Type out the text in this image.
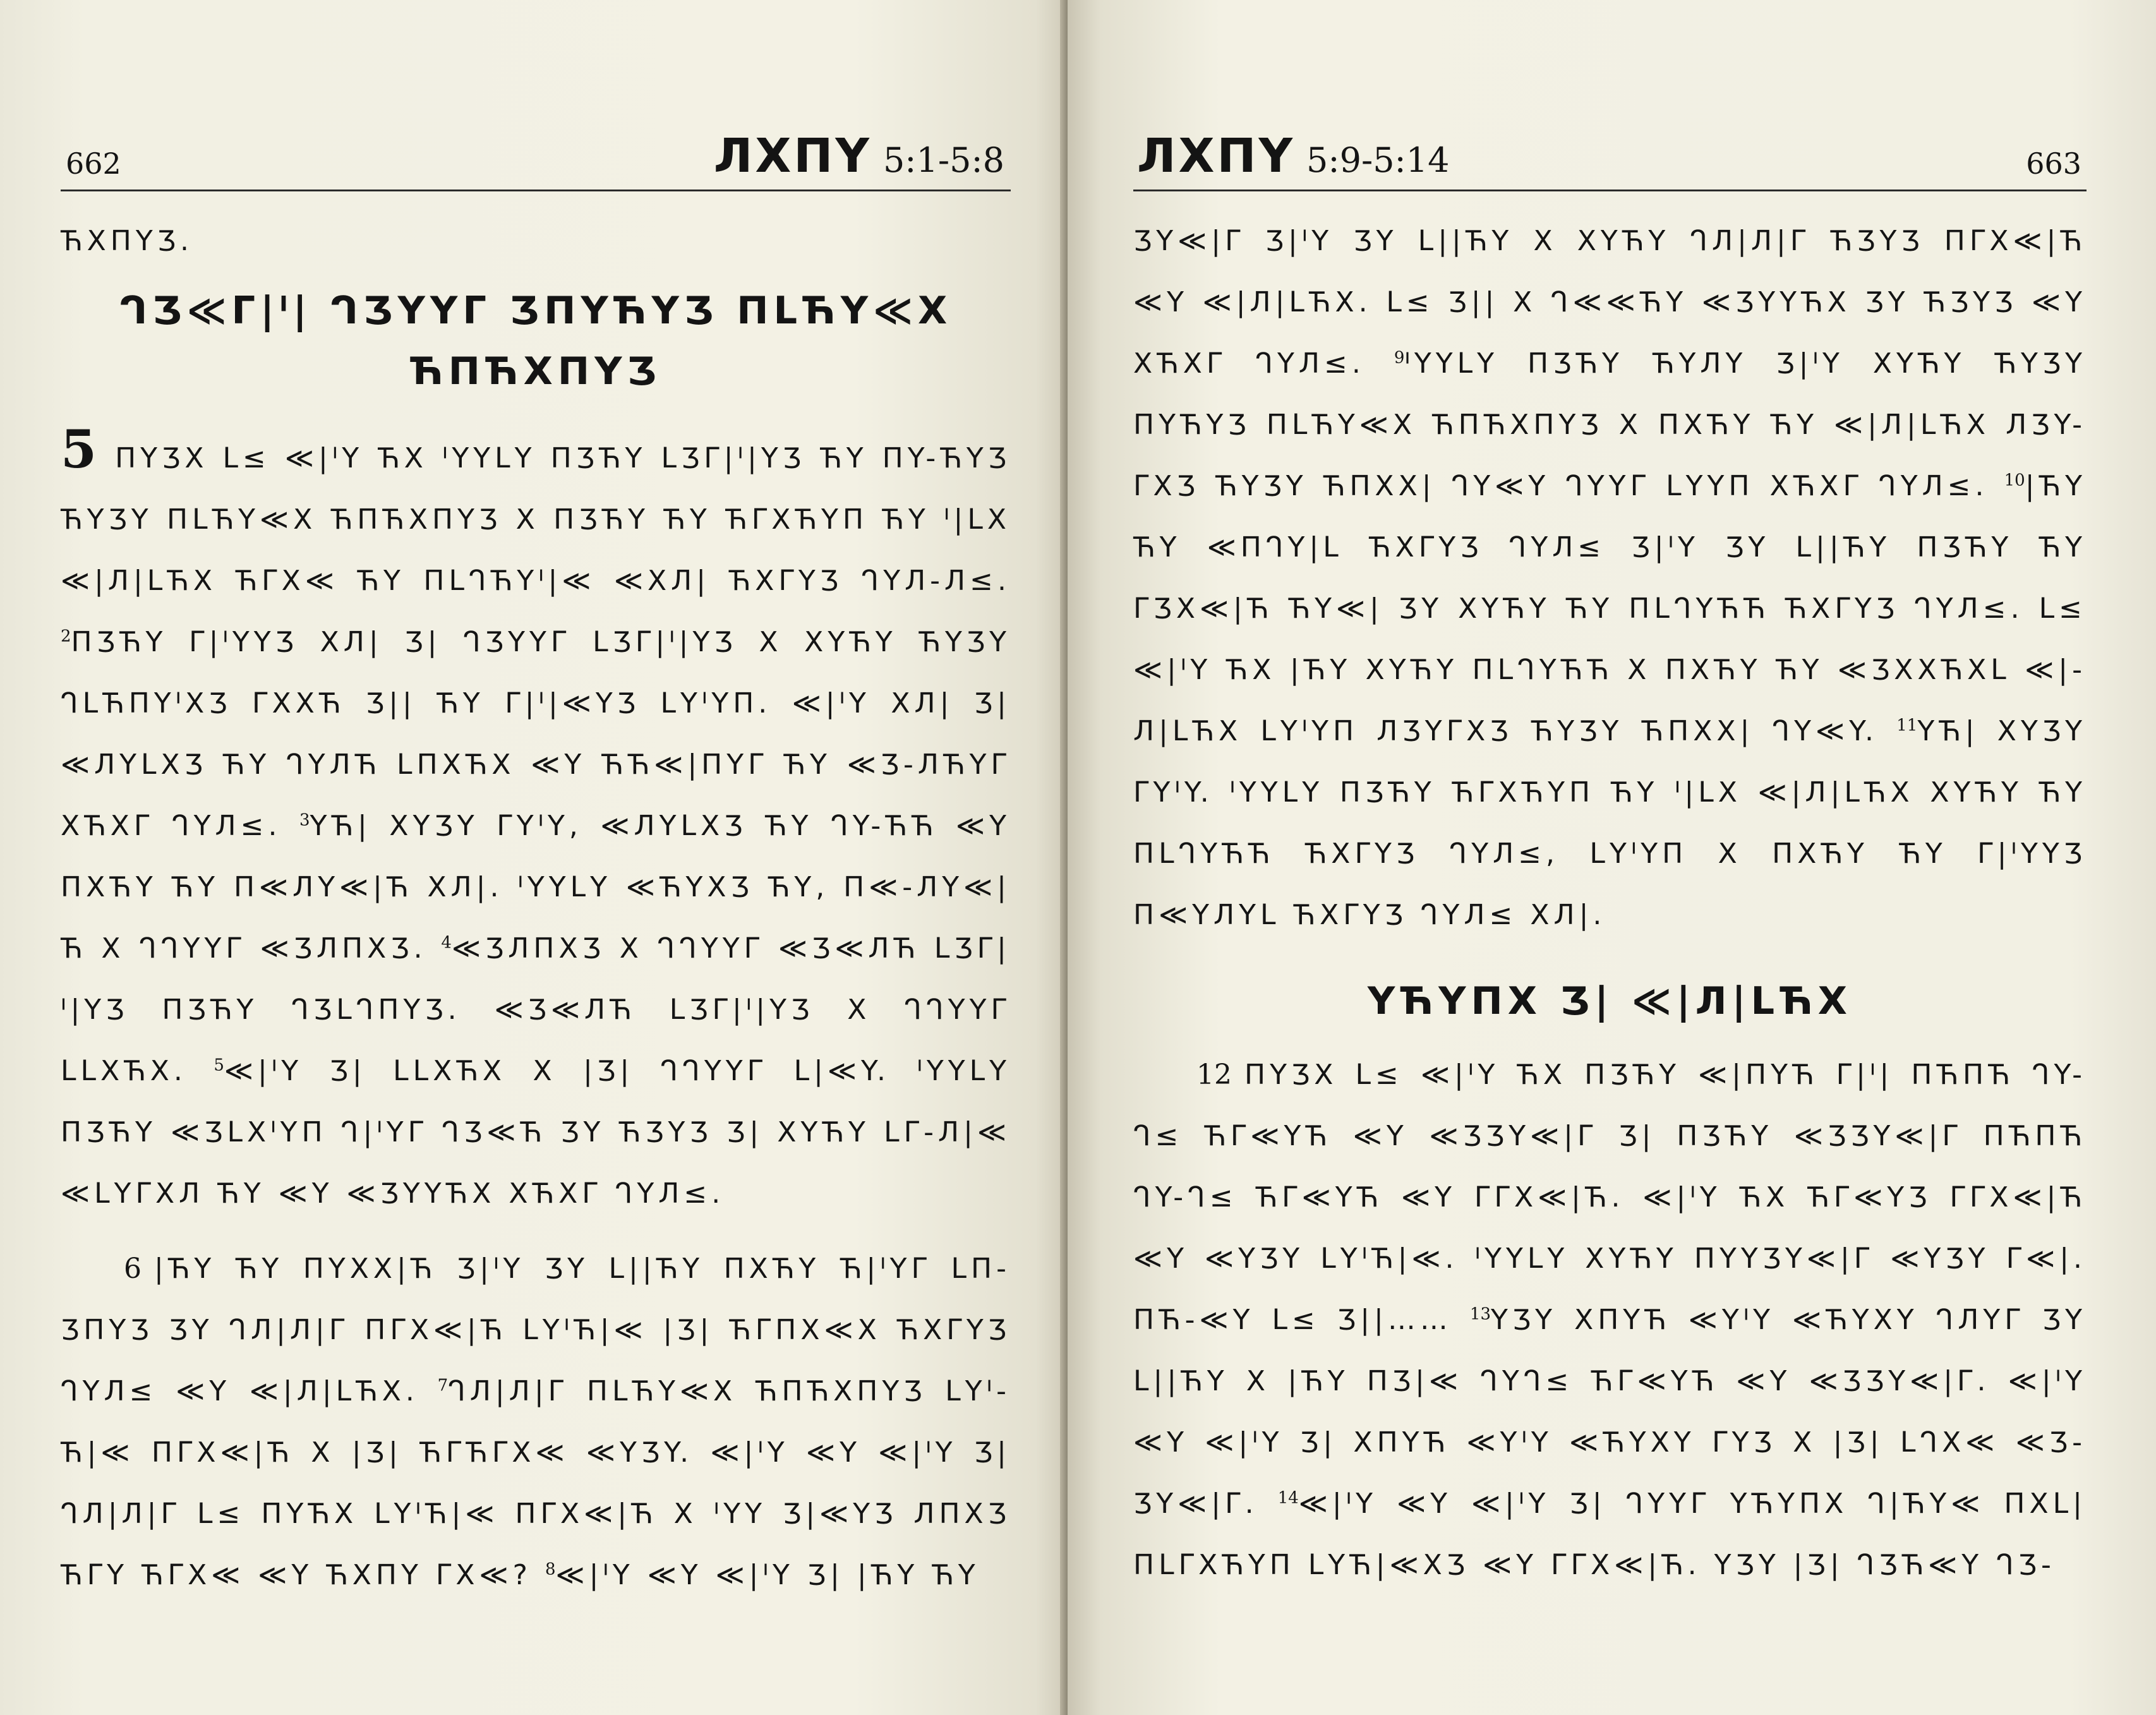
662	ЛXПY 5:1-5:8

ЋXПYƷ.

ᒉƷ≪ᒥ|ᑊ| ᒉƷYYᒥ ƷПYЋYƷ ПᒪЋY≪X
ЋПЋXПYƷ

5 ПYƷX ᒪ≤ ≪|ᑊY ЋX ᑊYYᒪY ПƷЋY ᒪƷᒥ|ᑊ|YƷ ЋY ПY-ЋYƷ ЋYƷY ПᒪЋY≪X ЋПЋXПYƷ X ПƷЋY ЋY ЋᒥXЋYП ЋY ᑊ|ᒪX ≪|Л|ᒪЋX ЋᒥX≪ ЋY ПᒪᒉЋYᑊ|≪ ≪XЛ| ЋXᒥYƷ ᒉYЛ-Л≤. $^2$ПƷЋY ᒥ|ᑊYYƷ XЛ| Ʒ| ᒉƷYYᒥ ᒪƷᒥ|ᑊ|YƷ X XYЋY ЋYƷY ᒉᒪЋПYᑊXƷ ᒥXXЋ Ʒ|| ЋY ᒥ|ᑊ|≪YƷ ᒪYᑊYП. ≪|ᑊY XЛ| Ʒ| ≪ЛYᒪXƷ ЋY ᒉYЛЋ ᒪПXЋX ≪Y ЋЋ≪|ПYᒥ ЋY ≪Ʒ-ЛЋYᒥ XЋXᒥ ᒉYЛ≤. $^3$YЋ| XYƷY ᒥYᑊY, ≪ЛYᒪXƷ ЋY ᒉY-ЋЋ ≪Y ПXЋY ЋY П≪ЛY≪|Ћ XЛ|. ᑊYYᒪY ≪ЋYXƷ ЋY, П≪-ЛY≪|Ћ X ᒉᒉYYᒥ ≪ƷЛПXƷ. $^4$≪ƷЛПXƷ X ᒉᒉYYᒥ ≪Ʒ≪ЛЋ ᒪƷᒥ|ᑊ|YƷ ПƷЋY ᒉƷᒪᒉПYƷ. ≪Ʒ≪ЛЋ ᒪƷᒥ|ᑊ|YƷ X ᒉᒉYYᒥ ᒪᒪXЋX. $^5$≪|ᑊY Ʒ| ᒪᒪXЋX X |Ʒ| ᒉᒉYYᒥ ᒪ|≪Y. ᑊYYᒪY ПƷЋY ≪ƷᒪXᑊYП ᒉ|ᑊYᒥ ᒉƷ≪Ћ ƷY ЋƷYƷ Ʒ| XYЋY ᒪᒥ-Л|≪ ≪ᒪYᒥXЛ ЋY ≪Y ≪ƷYYЋX XЋXᒥ ᒉYЛ≤.

6 |ЋY ЋY ПYXX|Ћ Ʒ|ᑊY ƷY ᒪ||ЋY ПXЋY Ћ|ᑊYᒥ ᒪП-ƷПYƷ ƷY ᒉЛ|Л|ᒥ ПᒥX≪|Ћ ᒪYᑊЋ|≪ |Ʒ| ЋᒥПX≪X ЋXᒥYƷ ᒉYЛ≤ ≪Y ≪|Л|ᒪЋX. $^7$ᒉЛ|Л|ᒥ ПᒪЋY≪X ЋПЋXПYƷ ᒪYᑊ-Ћ|≪ ПᒥX≪|Ћ X |Ʒ| ЋᒥЋᒥX≪ ≪YƷY. ≪|ᑊY ≪Y ≪|ᑊY Ʒ| ᒉЛ|Л|ᒥ ᒪ≤ ПYЋX ᒪYᑊЋ|≪ ПᒥX≪|Ћ X ᑊYY Ʒ|≪YƷ ЛПXƷ ЋᒥY ЋᒥX≪ ≪Y ЋXПY ᒥX≪? $^8$≪|ᑊY ≪Y ≪|ᑊY Ʒ| |ЋY ЋY

ЛXПY 5:9-5:14	663

ƷY≪|ᒥ Ʒ|ᑊY ƷY ᒪ||ЋY X XYЋY ᒉЛ|Л|ᒥ ЋƷYƷ ПᒥX≪|Ћ ≪Y ≪|Л|ᒪЋX. ᒪ≤ Ʒ|| X ᒉ≪≪ЋY ≪ƷYYЋX ƷY ЋƷYƷ ≪Y XЋXᒥ ᒉYЛ≤. $^9$ᑊYYᒪY ПƷЋY ЋYЛY Ʒ|ᑊY XYЋY ЋYƷY ПYЋYƷ ПᒪЋY≪X ЋПЋXПYƷ X ПXЋY ЋY ≪|Л|ᒪЋX ЛƷY-ᒥXƷ ЋYƷY ЋПXX| ᒉY≪Y ᒉYYᒥ ᒪYYП XЋXᒥ ᒉYЛ≤. $^{10}$|ЋY ЋY ≪ПᒉY|ᒪ ЋXᒥYƷ ᒉYЛ≤ Ʒ|ᑊY ƷY ᒪ||ЋY ПƷЋY ЋY ᒥƷX≪|Ћ ЋY≪| ƷY XYЋY ЋY ПᒪᒉYЋЋ ЋXᒥYƷ ᒉYЛ≤. ᒪ≤ ≪|ᑊY ЋX |ЋY XYЋY ПᒪᒉYЋЋ X ПXЋY ЋY ≪ƷXXЋXᒪ ≪|-Л|ᒪЋX ᒪYᑊYП ЛƷYᒥXƷ ЋYƷY ЋПXX| ᒉY≪Y. $^{11}$YЋ| XYƷY ᒥYᑊY. ᑊYYᒪY ПƷЋY ЋᒥXЋYП ЋY ᑊ|ᒪX ≪|Л|ᒪЋX XYЋY ЋY ПᒪᒉYЋЋ ЋXᒥYƷ ᒉYЛ≤, ᒪYᑊYП X ПXЋY ЋY ᒥ|ᑊYYƷ П≪YЛYᒪ ЋXᒥYƷ ᒉYЛ≤ XЛ|.

YЋYПX Ʒ| ≪|Л|ᒪЋX

12 ПYƷX ᒪ≤ ≪|ᑊY ЋX ПƷЋY ≪|ПYЋ ᒥ|ᑊ| ПЋПЋ ᒉY-ᒉ≤ Ћᒥ≪YЋ ≪Y ≪ƷƷY≪|ᒥ Ʒ| ПƷЋY ≪ƷƷY≪|ᒥ ПЋПЋ ᒉY-ᒉ≤ Ћᒥ≪YЋ ≪Y ᒥᒥX≪|Ћ. ≪|ᑊY ЋX Ћᒥ≪YƷ ᒥᒥX≪|Ћ ≪Y ≪YƷY ᒪYᑊЋ|≪. ᑊYYᒪY XYЋY ПYYƷY≪|ᒥ ≪YƷY ᒥ≪|. ПЋ-≪Y ᒪ≤ Ʒ||…… $^{13}$YƷY XПYЋ ≪YᑊY ≪ЋYXY ᒉЛYᒥ ƷY ᒪ||ЋY X |ЋY ПƷ|≪ ᒉYᒉ≤ Ћᒥ≪YЋ ≪Y ≪ƷƷY≪|ᒥ. ≪|ᑊY ≪Y ≪|ᑊY Ʒ| XПYЋ ≪YᑊY ≪ЋYXY ᒥYƷ X |Ʒ| ᒪᒉX≪ ≪Ʒ-ƷY≪|ᒥ. $^{14}$≪|ᑊY ≪Y ≪|ᑊY Ʒ| ᒉYYᒥ YЋYПX ᒉ|ЋY≪ ПXᒪ| ПᒪᒥXЋYП ᒪYЋ|≪XƷ ≪Y ᒥᒥX≪|Ћ. YƷY |Ʒ| ᒉƷЋ≪Y ᒉƷ-
